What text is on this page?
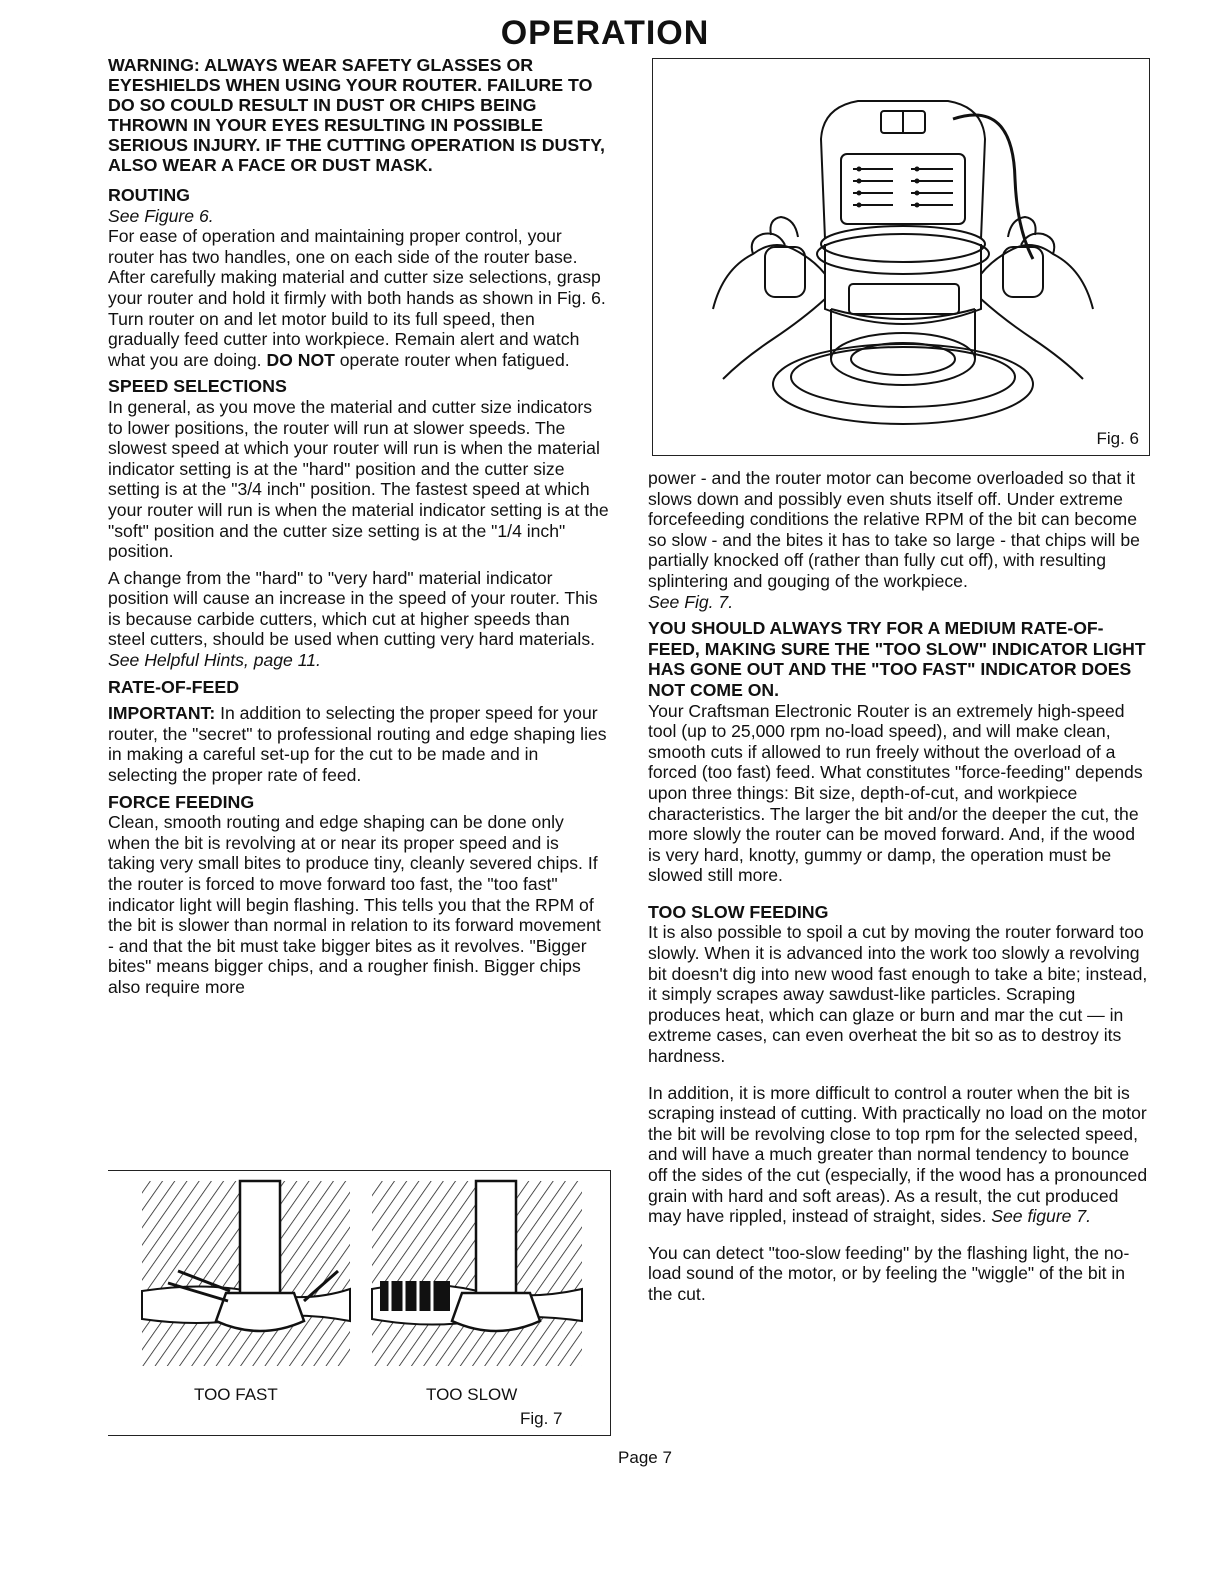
OPERATION

WARNING: ALWAYS WEAR SAFETY GLASSES OR EYESHIELDS WHEN USING YOUR ROUTER. FAILURE TO DO SO COULD RESULT IN DUST OR CHIPS BEING THROWN IN YOUR EYES RESULTING IN POSSIBLE SERIOUS INJURY. IF THE CUTTING OPERATION IS DUSTY, ALSO WEAR A FACE OR DUST MASK.

ROUTING

See Figure 6.

For ease of operation and maintaining proper control, your router has two handles, one on each side of the router base. After carefully making material and cutter size selections, grasp your router and hold it firmly with both hands as shown in Fig. 6. Turn router on and let motor build to its full speed, then gradually feed cutter into workpiece. Remain alert and watch what you are doing. DO NOT operate router when fatigued.

SPEED SELECTIONS

In general, as you move the material and cutter size indicators to lower positions, the router will run at slower speeds. The slowest speed at which your router will run is when the material indicator setting is at the "hard" position and the cutter size setting is at the "3/4 inch" position. The fastest speed at which your router will run is when the material indicator setting is at the "soft" position and the cutter size setting is at the "1/4 inch" position.

A change from the "hard" to "very hard" material indicator position will cause an increase in the speed of your router. This is because carbide cutters, which cut at higher speeds than steel cutters, should be used when cutting very hard materials.

See Helpful Hints, page 11.

RATE-OF-FEED

IMPORTANT: In addition to selecting the proper speed for your router, the "secret" to professional routing and edge shaping lies in making a careful set-up for the cut to be made and in selecting the proper rate of feed.

FORCE FEEDING

Clean, smooth routing and edge shaping can be done only when the bit is revolving at or near its proper speed and is taking very small bites to produce tiny, cleanly severed chips. If the router is forced to move forward too fast, the "too fast" indicator light will begin flashing. This tells you that the RPM of the bit is slower than normal in relation to its forward movement - and that the bit must take bigger bites as it revolves. "Bigger bites" means bigger chips, and a rougher finish. Bigger chips also require more

Fig. 6
TOO FAST	TOO SLOW
Fig. 7

power - and the router motor can become overloaded so that it slows down and possibly even shuts itself off. Under extreme forcefeeding conditions the relative RPM of the bit can become so slow - and the bites it has to take so large - that chips will be partially knocked off (rather than fully cut off), with resulting splintering and gouging of the workpiece.

See Fig. 7.

YOU SHOULD ALWAYS TRY FOR A MEDIUM RATE-OF-FEED, MAKING SURE THE "TOO SLOW" INDICATOR LIGHT HAS GONE OUT AND THE "TOO FAST" INDICATOR DOES NOT COME ON.

Your Craftsman Electronic Router is an extremely high-speed tool (up to 25,000 rpm no-load speed), and will make clean, smooth cuts if allowed to run freely without the overload of a forced (too fast) feed. What constitutes "force-feeding" depends upon three things: Bit size, depth-of-cut, and workpiece characteristics. The larger the bit and/or the deeper the cut, the more slowly the router can be moved forward. And, if the wood is very hard, knotty, gummy or damp, the operation must be slowed still more.

TOO SLOW FEEDING

It is also possible to spoil a cut by moving the router forward too slowly. When it is advanced into the work too slowly a revolving bit doesn't dig into new wood fast enough to take a bite; instead, it simply scrapes away sawdust-like particles. Scraping produces heat, which can glaze or burn and mar the cut — in extreme cases, can even overheat the bit so as to destroy its hardness.

In addition, it is more difficult to control a router when the bit is scraping instead of cutting. With practically no load on the motor the bit will be revolving close to top rpm for the selected speed, and will have a much greater than normal tendency to bounce off the sides of the cut (especially, if the wood has a pronounced grain with hard and soft areas). As a result, the cut produced may have rippled, instead of straight, sides. See figure 7.

You can detect "too-slow feeding" by the flashing light, the no-load sound of the motor, or by feeling the "wiggle" of the bit in the cut.

Page 7
